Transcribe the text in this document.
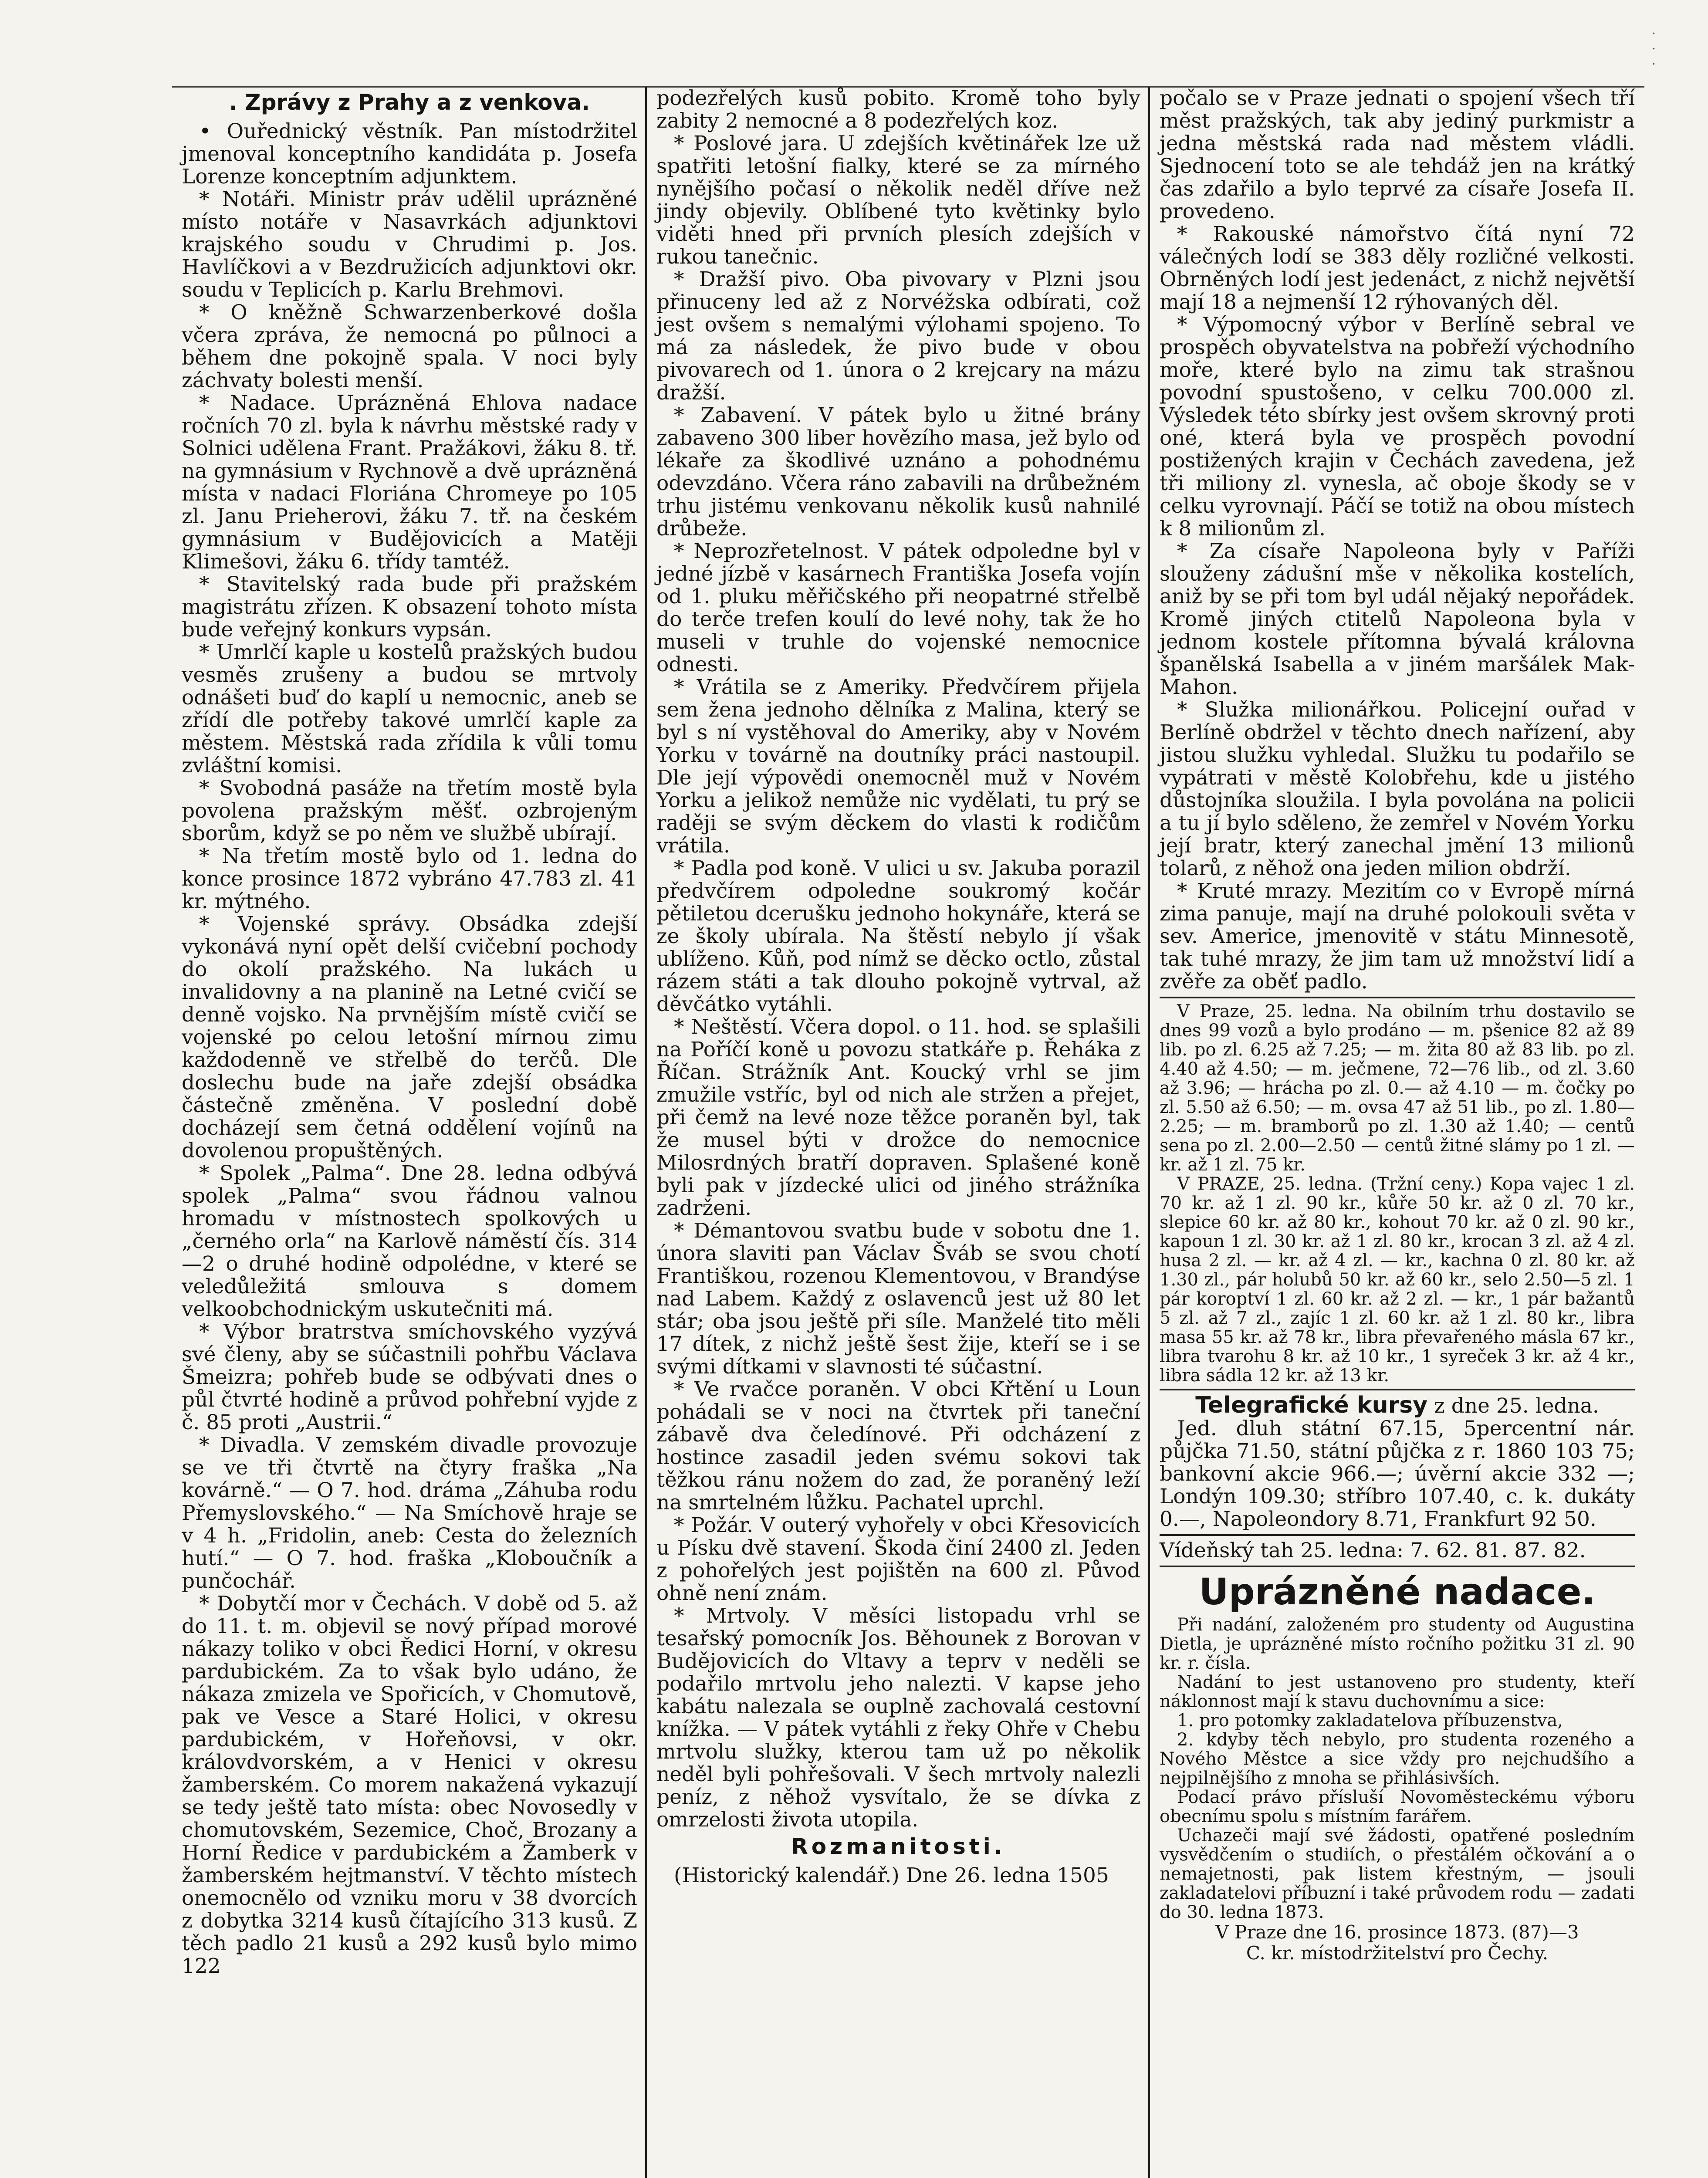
·
·
·
. Zprávy z Prahy a z venkova.

• Ouřednický věstník. Pan místodržitel jmenoval konceptního kandidáta p. Josefa Lorenze konceptním adjunktem.

* Notáři. Ministr práv udělil uprázněné místo notáře v Nasavrkách adjunktovi krajského soudu v Chrudimi p. Jos. Havlíčkovi a v Bezdružicích adjunktovi okr. soudu v Teplicích p. Karlu Brehmovi.

* O kněžně Schwarzenberkové došla včera zpráva, že nemocná po půlnoci a během dne pokojně spala. V noci byly záchvaty bolesti menší.

* Nadace. Uprázněná Ehlova nadace ročních 70 zl. byla k návrhu městské rady v Solnici udělena Frant. Pražákovi, žáku 8. tř. na gymnásium v Rychnově a dvě uprázněná místa v nadaci Floriána Chromeye po 105 zl. Janu Prieherovi, žáku 7. tř. na českém gymnásium v Budějovicích a Matěji Klimešovi, žáku 6. třídy tamtéž.

* Stavitelský rada bude při pražském magistrátu zřízen. K obsazení tohoto místa bude veřejný konkurs vypsán.

* Umrlčí kaple u kostelů pražských budou vesměs zrušeny a budou se mrtvoly odnášeti buď do kaplí u nemocnic, aneb se zřídí dle potřeby takové umrlčí kaple za městem. Městská rada zřídila k vůli tomu zvláštní komisi.

* Svobodná pasáže na třetím mostě byla povolena pražským měšť. ozbrojeným sborům, když se po něm ve službě ubírají.

* Na třetím mostě bylo od 1. ledna do konce prosince 1872 vybráno 47.783 zl. 41 kr. mýtného.

* Vojenské správy. Obsádka zdejší vykonává nyní opět delší cvičební pochody do okolí pražského. Na lukách u invalidovny a na planině na Letné cvičí se denně vojsko. Na prvnějším místě cvičí se vojenské po celou letošní mírnou zimu každodenně ve střelbě do terčů. Dle doslechu bude na jaře zdejší obsádka částečně změněna. V poslední době docházejí sem četná oddělení vojínů na dovolenou propuštěných.

* Spolek „Palma“. Dne 28. ledna odbývá spolek „Palma“ svou řádnou valnou hromadu v místnostech spolkových u „černého orla“ na Karlově náměstí čís. 314—2 o druhé hodině odpolédne, v které se veledůležitá smlouva s domem velkoobchodnickým uskutečniti má.

* Výbor bratrstva smíchovského vyzývá své členy, aby se súčastnili pohřbu Václava Šmeizra; pohřeb bude se odbývati dnes o půl čtvrté hodině a průvod pohřební vyjde z č. 85 proti „Austrii.“

* Divadla. V zemském divadle provozuje se ve tři čtvrtě na čtyry fraška „Na kovárně.“ — O 7. hod. dráma „Záhuba rodu Přemyslovského.“ — Na Smíchově hraje se v 4 h. „Fridolin, aneb: Cesta do železních hutí.“ — O 7. hod. fraška „Kloboučník a punčochář.

* Dobytčí mor v Čechách. V době od 5. až do 11. t. m. objevil se nový případ morové nákazy toliko v obci Ředici Horní, v okresu pardubickém. Za to však bylo udáno, že nákaza zmizela ve Spořicích, v Chomutově, pak ve Vesce a Staré Holici, v okresu pardubickém, v Hořeňovsi, v okr. královdvorském, a v Henici v okresu žamberském. Co morem nakažená vykazují se tedy ještě tato místa: obec Novosedly v chomutovském, Sezemice, Choč, Brozany a Horní Ředice v pardubickém a Žamberk v žamberském hejtmanství. V těchto místech onemocnělo od vzniku moru v 38 dvorcích z dobytka 3214 kusů čítajícího 313 kusů. Z těch padlo 21 kusů a 292 kusů bylo mimo 122

podezřelých kusů pobito. Kromě toho byly zabity 2 nemocné a 8 podezřelých koz.

* Poslové jara. U zdejších květinářek lze už spatřiti letošní fialky, které se za mírného nynějšího počasí o několik neděl dříve než jindy objevily. Oblíbené tyto květinky bylo viděti hned při prvních plesích zdejších v rukou tanečnic.

* Dražší pivo. Oba pivovary v Plzni jsou přinuceny led až z Norvéžska odbírati, což jest ovšem s nemalými výlohami spojeno. To má za následek, že pivo bude v obou pivovarech od 1. února o 2 krejcary na mázu dražší.

* Zabavení. V pátek bylo u žitné brány zabaveno 300 liber hovězího masa, jež bylo od lékaře za škodlivé uznáno a pohodnému odevzdáno. Včera ráno zabavili na drůbežném trhu jistému venkovanu několik kusů nahnilé drůbeže.

* Neprozřetelnost. V pátek odpoledne byl v jedné jízbě v kasárnech Františka Josefa vojín od 1. pluku měřičského při neopatrné střelbě do terče trefen koulí do levé nohy, tak že ho museli v truhle do vojenské nemocnice odnesti.

* Vrátila se z Ameriky. Předvčírem přijela sem žena jednoho dělníka z Malina, který se byl s ní vystěhoval do Ameriky, aby v Novém Yorku v továrně na doutníky práci nastoupil. Dle její výpovědi onemocněl muž v Novém Yorku a jelikož nemůže nic vydělati, tu prý se raději se svým děckem do vlasti k rodičům vrátila.

* Padla pod koně. V ulici u sv. Jakuba porazil předvčírem odpoledne soukromý kočár pětiletou dcerušku jednoho hokynáře, která se ze školy ubírala. Na štěstí nebylo jí však ublíženo. Kůň, pod nímž se děcko octlo, zůstal rázem státi a tak dlouho pokojně vytrval, až děvčátko vytáhli.

* Neštěstí. Včera dopol. o 11. hod. se splašili na Poříčí koně u povozu statkáře p. Řeháka z Říčan. Strážník Ant. Koucký vrhl se jim zmužile vstříc, byl od nich ale stržen a přejet, při čemž na levé noze těžce poraněn byl, tak že musel býti v drožce do nemocnice Milosrdných bratří dopraven. Splašené koně byli pak v jízdecké ulici od jiného strážníka zadrženi.

* Démantovou svatbu bude v sobotu dne 1. února slaviti pan Václav Šváb se svou chotí Františkou, rozenou Klementovou, v Brandýse nad Labem. Každý z oslavenců jest už 80 let stár; oba jsou ještě při síle. Manželé tito měli 17 dítek, z nichž ještě šest žije, kteří se i se svými dítkami v slavnosti té súčastní.

* Ve rvačce poraněn. V obci Křtění u Loun pohádali se v noci na čtvrtek při taneční zábavě dva čeledínové. Při odcházení z hostince zasadil jeden svému sokovi tak těžkou ránu nožem do zad, že poraněný leží na smrtelném lůžku. Pachatel uprchl.

* Požár. V outerý vyhořely v obci Křesovicích u Písku dvě stavení. Škoda činí 2400 zl. Jeden z pohořelých jest pojištěn na 600 zl. Původ ohně není znám.

* Mrtvoly. V měsíci listopadu vrhl se tesařský pomocník Jos. Běhounek z Borovan v Budějovicích do Vltavy a teprv v neděli se podařilo mrtvolu jeho nalezti. V kapse jeho kabátu nalezala se ouplně zachovalá cestovní knížka. — V pátek vytáhli z řeky Ohře v Chebu mrtvolu služky, kterou tam už po několik neděl byli pohřešovali. V šech mrtvoly nalezli peníz, z něhož vysvítalo, že se dívka z omrzelosti života utopila.

Rozmanitosti.

(Historický kalendář.) Dne 26. ledna 1505

počalo se v Praze jednati o spojení všech tří měst pražských, tak aby jediný purkmistr a jedna městská rada nad městem vládli. Sjednocení toto se ale tehdáž jen na krátký čas zdařilo a bylo teprvé za císaře Josefa II. provedeno.

* Rakouské námořstvo čítá nyní 72 válečných lodí se 383 děly rozličné velkosti. Obrněných lodí jest jedenáct, z nichž největší mají 18 a nejmenší 12 rýhovaných děl.

* Výpomocný výbor v Berlíně sebral ve prospěch obyvatelstva na pobřeží východního moře, které bylo na zimu tak strašnou povodní spustošeno, v celku 700.000 zl. Výsledek této sbírky jest ovšem skrovný proti oné, která byla ve prospěch povodní postižených krajin v Čechách zavedena, jež tři miliony zl. vynesla, ač oboje škody se v celku vyrovnají. Páčí se totiž na obou místech k 8 milionům zl.

* Za císaře Napoleona byly v Paříži slouženy zádušní mše v několika kostelích, aniž by se při tom byl udál nějaký nepořádek. Kromě jiných ctitelů Napoleona byla v jednom kostele přítomna bývalá královna španělská Isabella a v jiném maršálek Mak-Mahon.

* Služka milionářkou. Policejní ouřad v Berlíně obdržel v těchto dnech nařízení, aby jistou služku vyhledal. Služku tu podařilo se vypátrati v městě Kolobřehu, kde u jistého důstojníka sloužila. I byla povolána na policii a tu jí bylo sděleno, že zemřel v Novém Yorku její bratr, který zanechal jmění 13 milionů tolarů, z něhož ona jeden milion obdrží.

* Kruté mrazy. Mezitím co v Evropě mírná zima panuje, mají na druhé polokouli světa v sev. Americe, jmenovitě v státu Minnesotě, tak tuhé mrazy, že jim tam už množství lidí a zvěře za oběť padlo.

V Praze, 25. ledna. Na obilním trhu dostavilo se dnes 99 vozů a bylo prodáno — m. pšenice 82 až 89 lib. po zl. 6.25 až 7.25; — m. žita 80 až 83 lib. po zl. 4.40 až 4.50; — m. ječmene, 72—76 lib., od zl. 3.60 až 3.96; — hrácha po zl. 0.— až 4.10 — m. čočky po zl. 5.50 až 6.50; — m. ovsa 47 až 51 lib., po zl. 1.80—2.25; — m. bramborů po zl. 1.30 až 1.40; — centů sena po zl. 2.00—2.50 — centů žitné slámy po 1 zl. — kr. až 1 zl. 75 kr.

V PRAZE, 25. ledna. (Tržní ceny.) Kopa vajec 1 zl. 70 kr. až 1 zl. 90 kr., kůře 50 kr. až 0 zl. 70 kr., slepice 60 kr. až 80 kr., kohout 70 kr. až 0 zl. 90 kr., kapoun 1 zl. 30 kr. až 1 zl. 80 kr., krocan 3 zl. až 4 zl. husa 2 zl. — kr. až 4 zl. — kr., kachna 0 zl. 80 kr. až 1.30 zl., pár holubů 50 kr. až 60 kr., selo 2.50—5 zl. 1 pár koroptví 1 zl. 60 kr. až 2 zl. — kr., 1 pár bažantů 5 zl. až 7 zl., zajíc 1 zl. 60 kr. až 1 zl. 80 kr., libra masa 55 kr. až 78 kr., libra převařeného másla 67 kr., libra tvarohu 8 kr. až 10 kr., 1 syreček 3 kr. až 4 kr., libra sádla 12 kr. až 13 kr.

Telegrafické kursy z dne 25. ledna.

Jed. dluh státní 67.15, 5percentní nár. půjčka 71.50, státní půjčka z r. 1860 103 75; bankovní akcie 966.—; úvěrní akcie 332 —; Londýn 109.30; stříbro 107.40, c. k. dukáty 0.—, Napoleondory 8.71, Frankfurt 92 50.

Vídeňský tah 25. ledna: 7. 62. 81. 87. 82.

Uprázněné nadace.

Při nadání, založeném pro studenty od Augustina Dietla, je uprázněné místo ročního požitku 31 zl. 90 kr. r. čísla.

Nadání to jest ustanoveno pro studenty, kteří náklonnost mají k stavu duchovnímu a sice:

1. pro potomky zakladatelova příbuzenstva,

2. kdyby těch nebylo, pro studenta rozeného a Nového Městce a sice vždy pro nejchudšího a nejpilnějšího z mnoha se přihlásivších.

Podací právo přísluší Novoměsteckému výboru obecnímu spolu s místním farářem.

Uchazeči mají své žádosti, opatřené posledním vysvědčením o studiích, o přestálém očkování a o nemajetnosti, pak listem křestným, — jsouli zakladatelovi příbuzní i také průvodem rodu — zadati do 30. ledna 1873.

V Praze dne 16. prosince 1873. (87)—3
C. kr. místodržitelství pro Čechy.
